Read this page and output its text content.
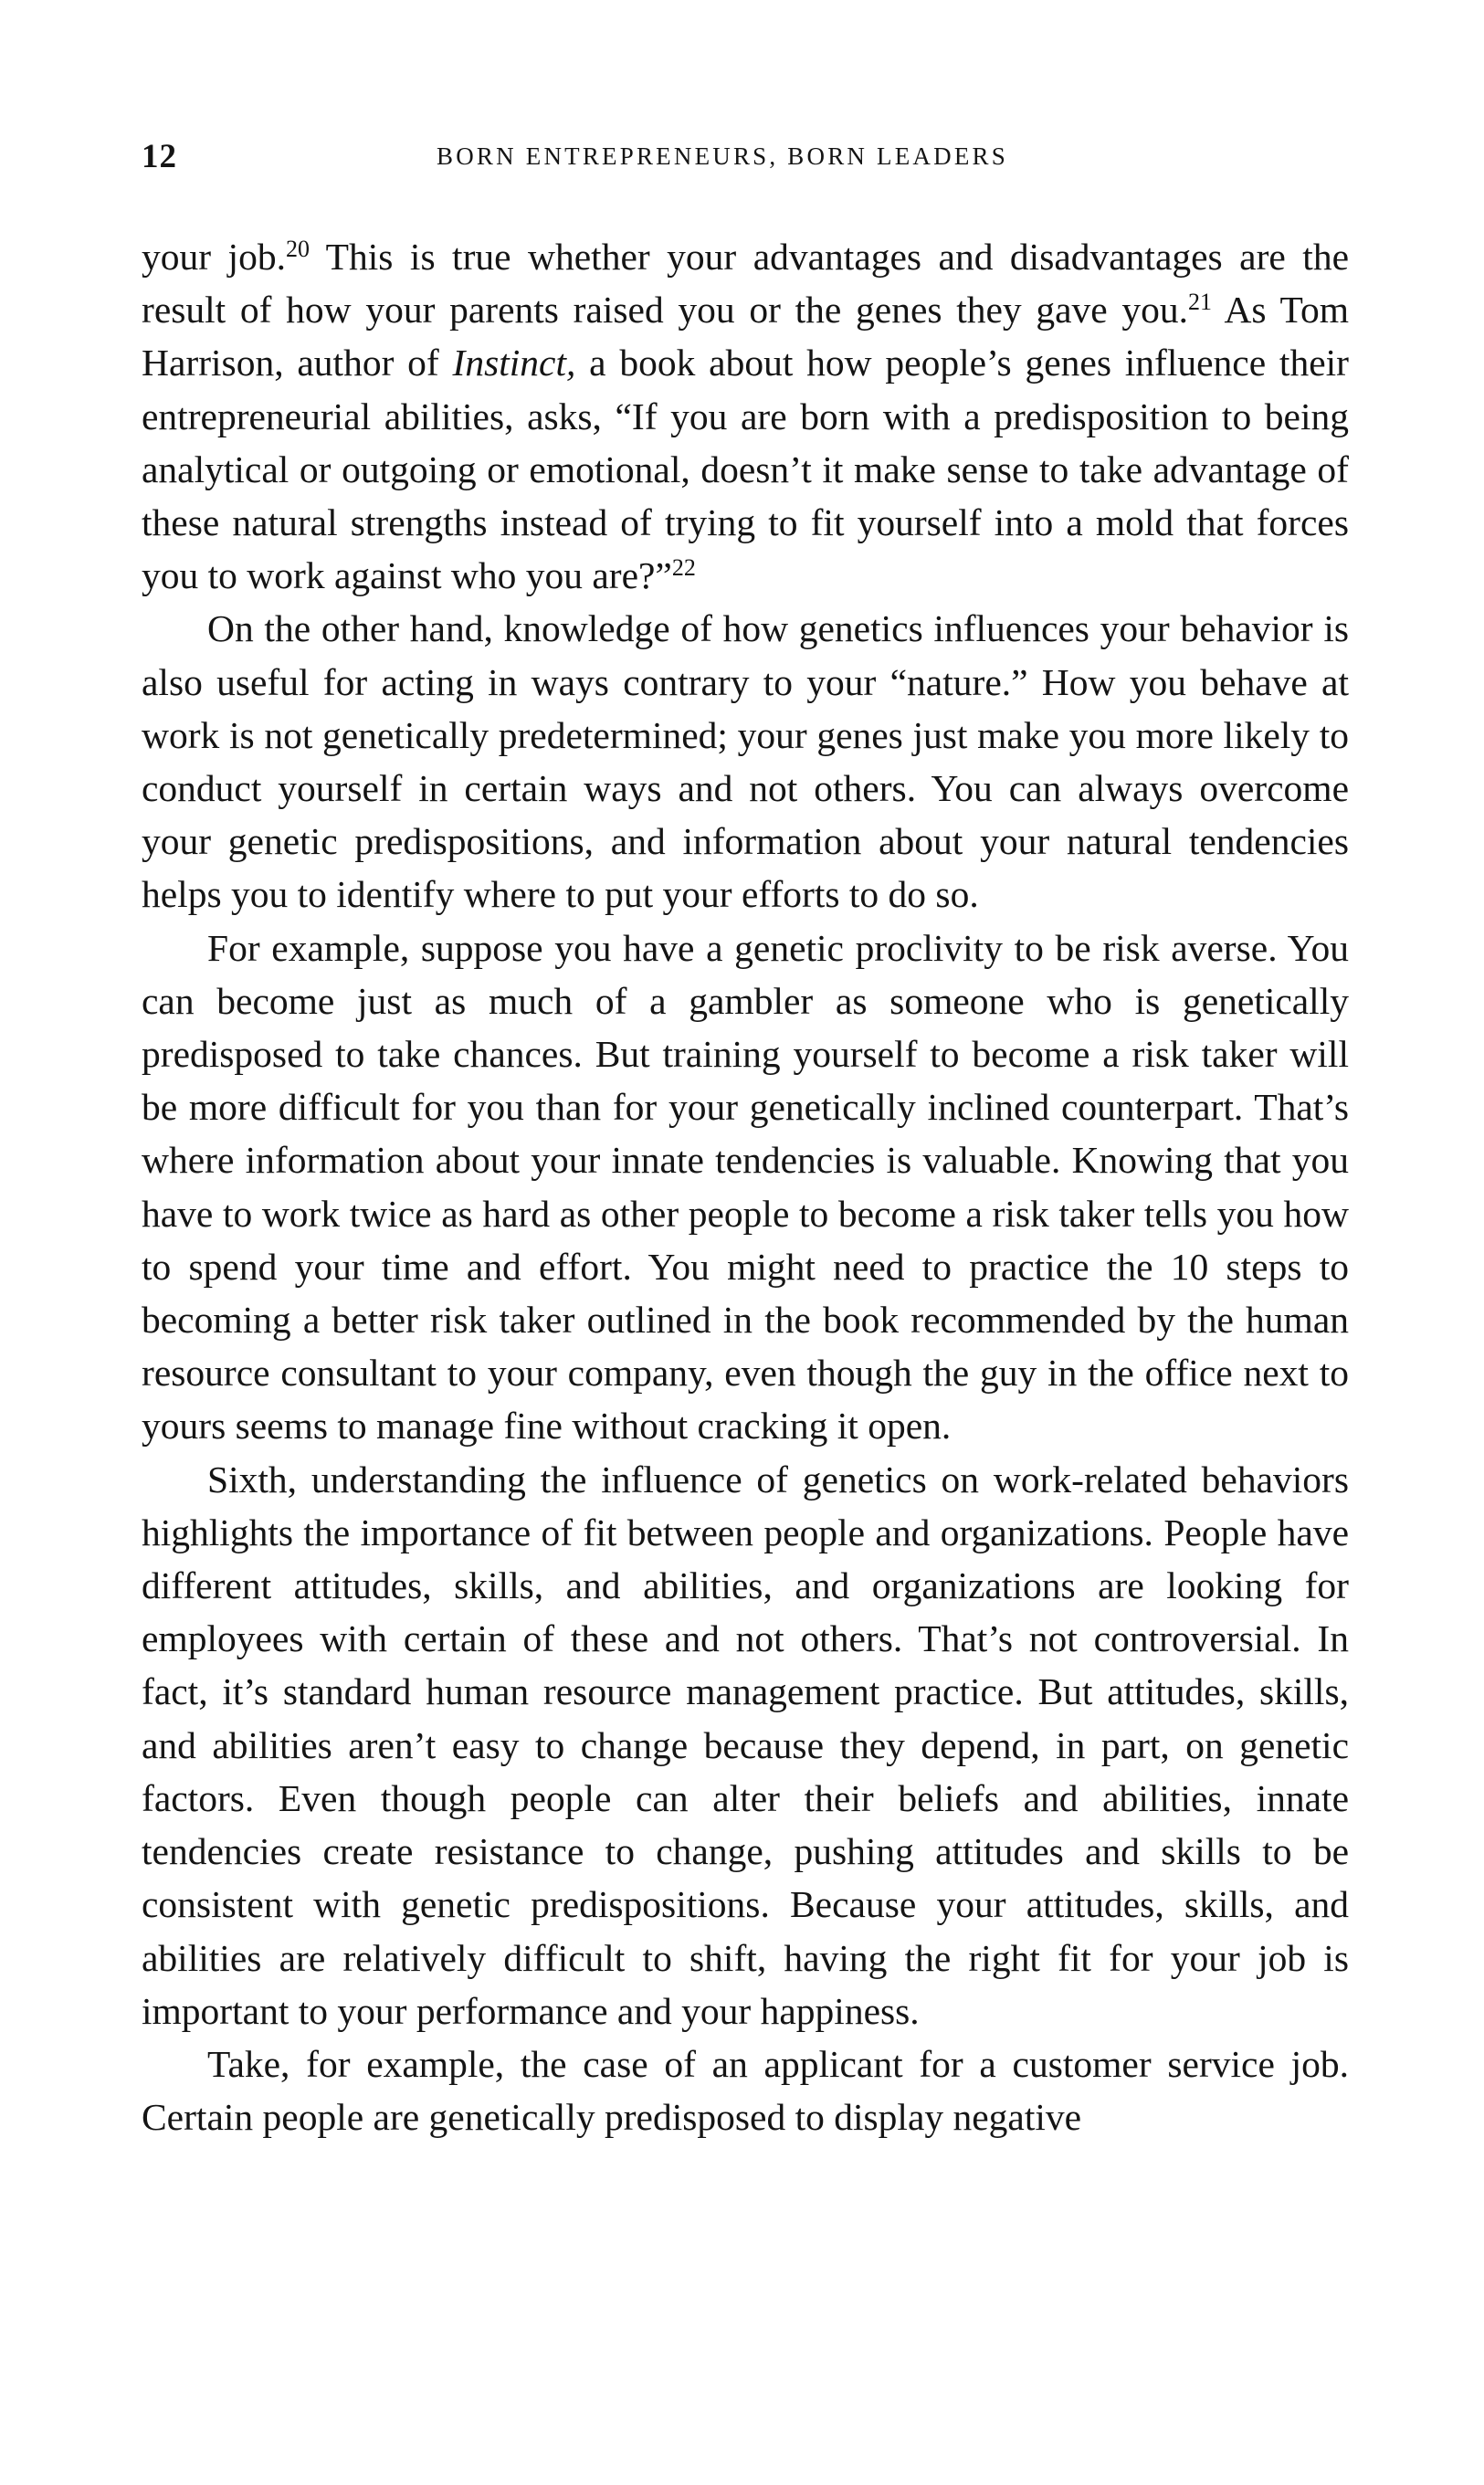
12	BORN ENTREPRENEURS, BORN LEADERS

your job.$^{20}$ This is true whether your advantages and disadvantages are the result of how your parents raised you or the genes they gave you.$^{21}$ As Tom Harrison, author of Instinct, a book about how people’s genes influence their entrepreneurial abilities, asks, “If you are born with a predisposition to being analytical or outgoing or emotional, doesn’t it make sense to take advantage of these natural strengths instead of trying to fit yourself into a mold that forces you to work against who you are?”$^{22}$

On the other hand, knowledge of how genetics influences your behavior is also useful for acting in ways contrary to your “nature.” How you behave at work is not genetically predetermined; your genes just make you more likely to conduct yourself in certain ways and not others. You can always overcome your genetic predispositions, and information about your natural tendencies helps you to identify where to put your efforts to do so.

For example, suppose you have a genetic proclivity to be risk averse. You can become just as much of a gambler as someone who is genetically predisposed to take chances. But training yourself to become a risk taker will be more difficult for you than for your genetically inclined counterpart. That’s where information about your innate tendencies is valuable. Knowing that you have to work twice as hard as other people to become a risk taker tells you how to spend your time and effort. You might need to practice the 10 steps to becoming a better risk taker outlined in the book recommended by the human resource consultant to your company, even though the guy in the office next to yours seems to manage fine without cracking it open.

Sixth, understanding the influence of genetics on work-related behaviors highlights the importance of fit between people and organizations. People have different attitudes, skills, and abilities, and organizations are looking for employees with certain of these and not others. That’s not controversial. In fact, it’s standard human resource management practice. But attitudes, skills, and abilities aren’t easy to change because they depend, in part, on genetic factors. Even though people can alter their beliefs and abilities, innate tendencies create resistance to change, pushing attitudes and skills to be consistent with genetic predispositions. Because your attitudes, skills, and abilities are relatively difficult to shift, having the right fit for your job is important to your performance and your happiness.

Take, for example, the case of an applicant for a customer service job. Certain people are genetically predisposed to display negative
